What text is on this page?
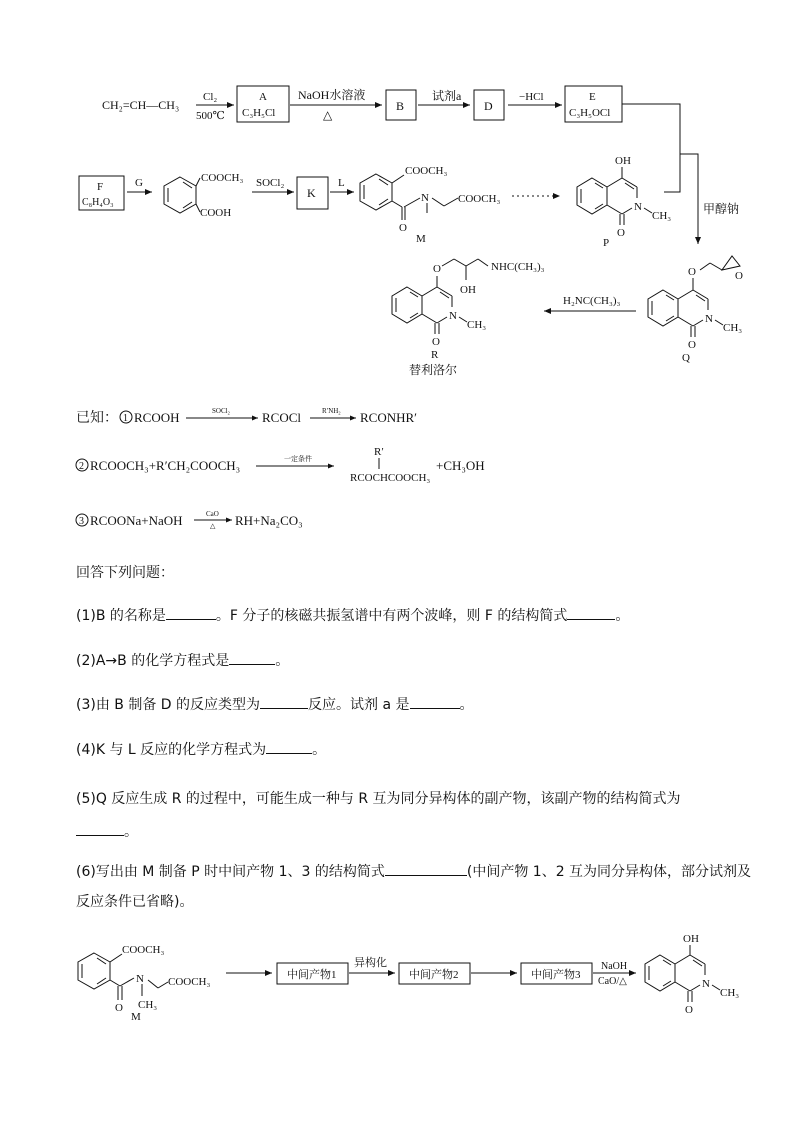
CH₂=CH—CH₃
Cl₂
500℃
A
C₃H₅Cl
NaOH水溶液
△
B
试剂a
D
−HCl	E
C₃H₅OCl
F
C₈H₄O₃
G	COOCH₃
COOH
SOCl₂
K
L
COOCH₃
N	COOCH₃
O
M
OH
N
CH₃
O
P
甲醇钠
O	O
N
CH₃
O
Q
H₂NC(CH₃)₃
O	NHC(CH₃)₃
OH
N
CH₃
O
R
替利洛尔
已知： 1 RCOOH	SOCl₂ RCOCl	R′NH₂ RCONHR′
2 RCOOCH₃+R′CH₂COOCH₃	一定条件
R′
RCOCHCOOCH₃
+CH₃OH
3 RCOONa+NaOH	CaO
△ RH+Na₂CO₃
回答下列问题：
(1)B 的名称是	。F 分子的核磁共振氢谱中有两个波峰，则 F 的结构简式	。
(2)A→B 的化学方程式是	。
(3)由 B 制备 D 的反应类型为	反应。试剂 a 是	。
(4)K 与 L 反应的化学方程式为	。
(5)Q 反应生成 R 的过程中，可能生成一种与 R 互为同分异构体的副产物，该副产物的结构简式为
。
(6)写出由 M 制备 P 时中间产物 1、3 的结构简式	(中间产物 1、2 互为同分异构体，部分试剂及反应条件已省略)。
COOCH₃
N COOCH₃
O CH₃
M
中间产物1
异构化
中间产物2	中间产物3
NaOH
CaO/△
OH
N
CH₃
O
